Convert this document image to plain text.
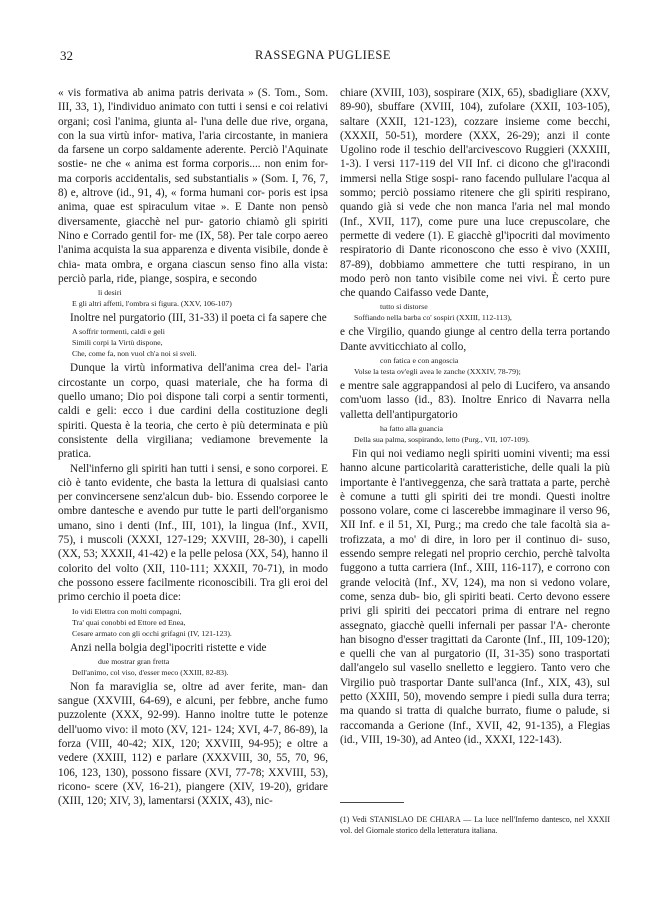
32	RASSEGNA PUGLIESE

« vis formativa ab anima patris derivata » (S. Tom., Som. III, 33, 1), l'individuo animato con tutti i sensi e coi relativi organi; così l'anima, giunta al- l'una delle due rive, organa, con la sua virtù infor- mativa, l'aria circostante, in maniera da farsene un corpo saldamente aderente. Perciò l'Aquinate sostie- ne che « anima est forma corporis.... non enim for- ma corporis accidentalis, sed substantialis » (Som. I, 76, 7, 8) e, altrove (id., 91, 4), « forma humani cor- poris est ipsa anima, quae est spiraculum vitae ». E Dante non pensò diversamente, giacchè nel pur- gatorio chiamò gli spiriti Nino e Corrado gentil for- me (IX, 58). Per tale corpo aereo l'anima acquista la sua apparenza e diventa visibile, donde è chia- mata ombra, e organa ciascun senso fino alla vista: perciò parla, ride, piange, sospira, e secondo

li desiri
E gli altri affetti, l'ombra si figura. (XXV, 106-107)

Inoltre nel purgatorio (III, 31-33) il poeta ci fa sapere che

A soffrir tormenti, caldi e geli
Simili corpi la Virtù dispone,
Che, come fa, non vuol ch'a noi si sveli.

Dunque la virtù informativa dell'anima crea del- l'aria circostante un corpo, quasi materiale, che ha forma di quello umano; Dio poi dispone tali corpi a sentir tormenti, caldi e geli: ecco i due cardini della costituzione degli spiriti. Questa è la teoria, che certo è più determinata e più consistente della virgiliana; vediamone brevemente la pratica.

Nell'inferno gli spiriti han tutti i sensi, e sono corporei. E ciò è tanto evidente, che basta la lettura di qualsiasi canto per convincersene senz'alcun dub- bio. Essendo corporee le ombre dantesche e avendo pur tutte le parti dell'organismo umano, sino i denti (Inf., III, 101), la lingua (Inf., XVII, 75), i muscoli (XXXI, 127-129; XXVIII, 28-30), i capelli (XX, 53; XXXII, 41-42) e la pelle pelosa (XX, 54), hanno il colorito del volto (XII, 110-111; XXXII, 70-71), in modo che possono essere facilmente riconoscibili. Tra gli eroi del primo cerchio il poeta dice:

Io vidi Elettra con molti compagni,
Tra' quai conobbi ed Ettore ed Enea,
Cesare armato con gli occhi grifagni (IV, 121-123).

Anzi nella bolgia degl'ipocriti ristette e vide

due mostrar gran fretta
Dell'animo, col viso, d'esser meco (XXIII, 82-83).

Non fa maraviglia se, oltre ad aver ferite, man- dan sangue (XXVIII, 64-69), e alcuni, per febbre, anche fumo puzzolente (XXX, 92-99). Hanno inoltre tutte le potenze dell'uomo vivo: il moto (XV, 121- 124; XVI, 4-7, 86-89), la forza (VIII, 40-42; XIX, 120; XXVIII, 94-95); e oltre a vedere (XXIII, 112) e parlare (XXXVIII, 30, 55, 70, 96, 106, 123, 130), possono fissare (XVI, 77-78; XXVIII, 53), ricono- scere (XV, 16-21), piangere (XIV, 19-20), gridare (XIII, 120; XIV, 3), lamentarsi (XXIX, 43), nic-

chiare (XVIII, 103), sospirare (XIX, 65), sbadigliare (XXV, 89-90), sbuffare (XVIII, 104), zufolare (XXII, 103-105), saltare (XXII, 121-123), cozzare insieme come becchi, (XXXII, 50-51), mordere (XXX, 26-29); anzi il conte Ugolino rode il teschio dell'arcivescovo Ruggieri (XXXIII, 1-3). I versi 117-119 del VII Inf. ci dicono che gl'iracondi immersi nella Stige sospi- rano facendo pullulare l'acqua al sommo; perciò possiamo ritenere che gli spiriti respirano, quando già si vede che non manca l'aria nel mal mondo (Inf., XVII, 117), come pure una luce crepuscolare, che permette di vedere (1). E giacchè gl'ipocriti dal movimento respiratorio di Dante riconoscono che esso è vivo (XXIII, 87-89), dobbiamo ammettere che tutti respirano, in un modo però non tanto visibile come nei vivi. È certo pure che quando Caifasso vede Dante,

tutto si distorse
Soffiando nella barba co' sospiri (XXIII, 112-113),

e che Virgilio, quando giunge al centro della terra portando Dante avviticchiato al collo,

con fatica e con angoscia
Volse la testa ov'egli avea le zanche (XXXIV, 78-79);

e mentre sale aggrappandosi al pelo di Lucifero, va ansando com'uom lasso (id., 83). Inoltre Enrico di Navarra nella valletta dell'antipurgatorio

ha fatto alla guancia
Della sua palma, sospirando, letto (Purg., VII, 107-109).

Fin qui noi vediamo negli spiriti uomini viventi; ma essi hanno alcune particolarità caratteristiche, delle quali la più importante è l'antiveggenza, che sarà trattata a parte, perchè è comune a tutti gli spiriti dei tre mondi. Questi inoltre possono volare, come ci lascerebbe immaginare il verso 96, XII Inf. e il 51, XI, Purg.; ma credo che tale facoltà sia a- trofizzata, a mo' di dire, in loro per il continuo di- suso, essendo sempre relegati nel proprio cerchio, perchè talvolta fuggono a tutta carriera (Inf., XIII, 116-117), e corrono con grande velocità (Inf., XV, 124), ma non si vedono volare, come, senza dub- bio, gli spiriti beati. Certo devono essere privi gli spiriti dei peccatori prima di entrare nel regno assegnato, giacchè quelli infernali per passar l'A- cheronte han bisogno d'esser tragittati da Caronte (Inf., III, 109-120); e quelli che van al purgatorio (II, 31-35) sono trasportati dall'angelo sul vasello snelletto e leggiero. Tanto vero che Virgilio può trasportar Dante sull'ancа (Inf., XIX, 43), sul petto (XXIII, 50), movendo sempre i piedi sulla dura terra; ma quando si tratta di qualche burrato, fiume o palude, si raccomanda a Gerione (Inf., XVII, 42, 91-135), a Flegias (id., VIII, 19-30), ad Anteo (id., XXXI, 122-143).

(1) Vedi STANISLAO DE CHIARA — La luce nell'Inferno dantesco, nel XXXII vol. del Giornale storico della letteratura italiana.
